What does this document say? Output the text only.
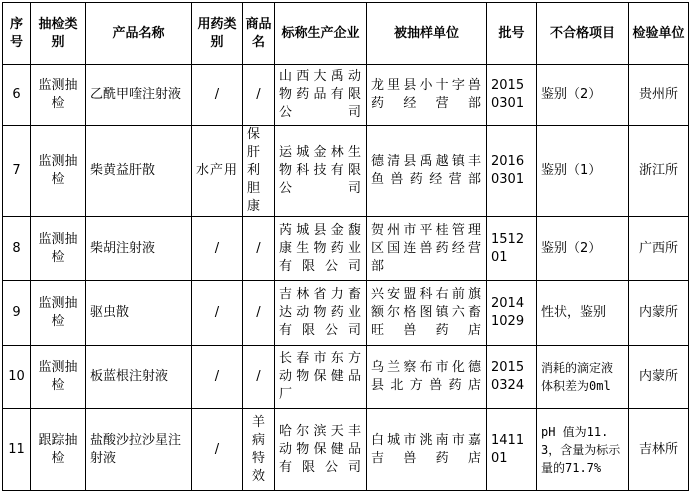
序号	抽检类别	产品名称	用药类别	商品名	标称生产企业	被抽样单位	批号	不合格项目	检验单位
6	监测抽检	乙酰甲喹注射液	/	/	山西大禹动物药品有限公司	龙里县小十字兽药经营部	20150301	鉴别（2）	贵州所
7	监测抽检	柴黄益肝散	水产用	保肝利胆康	运城金林生物科技有限公司	德清县禹越镇丰鱼兽药经营部	20160301	鉴别（1）	浙江所
8	监测抽检	柴胡注射液	/	/	芮城县金馥康生物药业有限公司	贺州市平桂管理区国连兽药经营部	151201	鉴别（2）	广西所
9	监测抽检	驱虫散	/	/	吉林省力畜达动物药业有限公司	兴安盟科右前旗额尔格图镇六畜旺兽药店	20141029	性状，鉴别	内蒙所
10	监测抽检	板蓝根注射液	/	/	长春市东方动物保健品厂	乌兰察布市化德县北方兽药店	20150324	消耗的滴定液体积差为0ml	内蒙所
11	跟踪抽检	盐酸沙拉沙星注射液	/	羊病特效	哈尔滨天丰动物保健品有限公司	白城市洮南市嘉吉兽药店	141101	pH 值为11.3，含量为标示量的71.7%	吉林所
